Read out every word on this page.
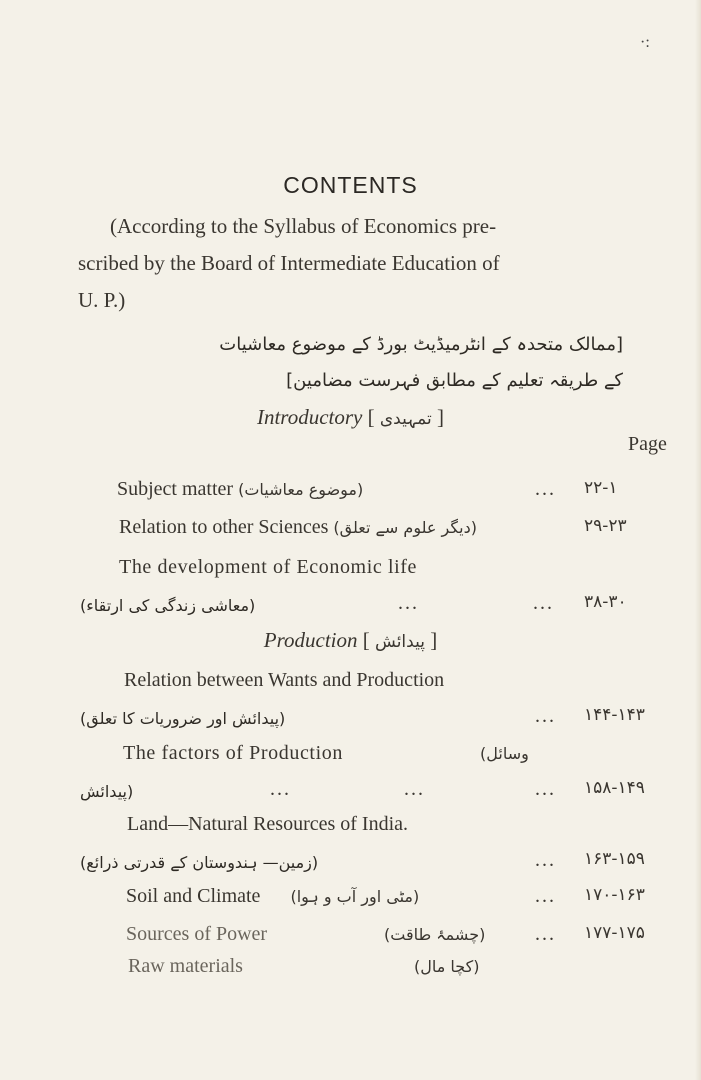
·:
CONTENTS
(According to the Syllabus of Economics pre-
scribed by the Board of Intermediate Education of
U. P.)
[ممالک متحدہ کے انٹرمیڈیٹ بورڈ کے موضوع معاشیات
کے طریقہ تعلیم کے مطابق فہرست مضامین]
Introductory [ تمہیدی ]
Page
Subject matter (موضوع معاشیات)	... ۲۲-۱
Relation to other Sciences (دیگر علوم سے تعلق)	۲۹-۲۳
The development of Economic life
(معاشی زندگی کی ارتقاء)	...	... ۳۸-۳۰
Production [ پیدائش ]
Relation between Wants and Production
(پیدائش اور ضروریات کا تعلق)	... ۱۴۴-۱۴۳
The factors of Production	(وسائل
پیدائش)	...	...	... ۱۵۸-۱۴۹
Land—Natural Resources of India.
(زمین— ہندوستان کے قدرتی ذرائع)	... ۱۶۳-۱۵۹
Soil and Climate (مٹی اور آب و ہوا)	... ۱۷۰-۱۶۳
Sources of Power	(چشمۂ طاقت) ... ۱۷۷-۱۷۵
Raw materials	(کچا مال)
